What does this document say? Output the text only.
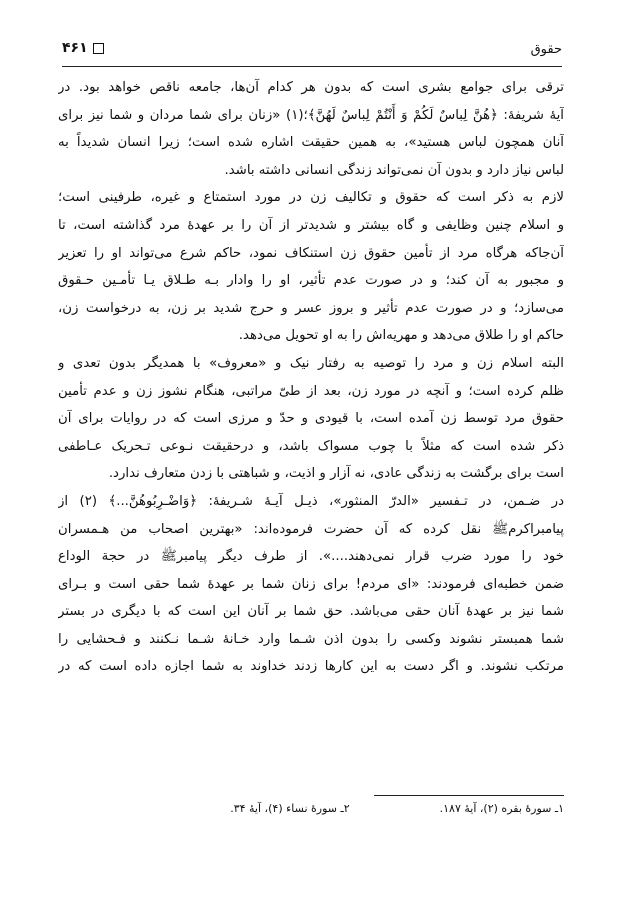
حقوق
۴۶۱
ترقی برای جوامع بشری است که بدون هر کدام آن‌ها، جامعه ناقص خواهد بود. در
آیهٔ شریفهٔ: ﴿هُنَّ لِباسٌ لَکُمْ وَ أَنْتُمْ لِباسٌ لَهُنَّ﴾؛(۱) «زنان برای شما مردان و شما نیز برای
آنان همچون لباس هستید»، به همین حقیقت اشاره شده است؛ زیرا انسان شدیداً به
لباس نیاز دارد و بدون آن نمی‌تواند زندگی انسانی داشته باشد.
لازم به ذکر است که حقوق و تکالیف زن در مورد استمتاع و غیره، طرفینی است؛
و اسلام چنین وظایفی و گاه بیشتر و شدیدتر از آن را بر عهدهٔ مرد گذاشته است، تا
آن‌جاکه هرگاه مرد از تأمین حقوق زن استنکاف نمود، حاکم شرع می‌تواند او را تعزیر
و مجبور به آن کند؛ و در صورت عدم تأثیر، او را وادار بـه طـلاق یـا تأمـین حـقوق
می‌سازد؛ و در صورت عدم تأثیر و بروز عسر و حرج شدید بر زن، به درخواست زن،
حاکم او را طلاق می‌دهد و مهریه‌اش را به او تحویل می‌دهد.
البته اسلام زن و مرد را توصیه به رفتار نیک و «معروف» با همدیگر بدون تعدی و
ظلم کرده است؛ و آنچه در مورد زن، بعد از طیّ مراتبی، هنگام نشوز زن و عدم تأمین
حقوق مرد توسط زن آمده است، با قیودی و حدّ و مرزی است که در روایات برای آن
ذکر شده است که مثلاً با چوب مسواک باشد، و درحقیقت نـوعی تـحریک عـاطفی
است برای برگشت به زندگی عادی، نه آزار و اذیت، و شباهتی با زدن متعارف ندارد.
در ضـمن، در تـفسیر «الدرّ المنثور»، ذیـل آیـهٔ شـریفهٔ: ﴿وَاضْـرِبُوهُنَّ...﴾ (۲) از
پیامبراکرمﷺ نقل کرده که آن حضرت فرموده‌اند: «بهترین اصحاب من هـمسران
خود را مورد ضرب قرار نمی‌دهند....». از طرف دیگر پیامبرﷺ در حجة الوداع
ضمن خطبه‌ای فرمودند: «ای مردم! برای زنان شما بر عهدهٔ شما حقی است و بـرای
شما نیز بر عهدهٔ آنان حقی می‌باشد. حق شما بر آنان این است که با دیگری در بستر
شما همبستر نشوند وکسی را بدون اذن شـما وارد خـانهٔ شـما نـکنند و فـحشایی را
مرتکب نشوند. و اگر دست به این کارها زدند خداوند به شما اجازه داده است که در
۱ـ سورهٔ بقره (۲)، آیهٔ ۱۸۷.
۲ـ سورهٔ نساء (۴)، آیهٔ ۳۴.
